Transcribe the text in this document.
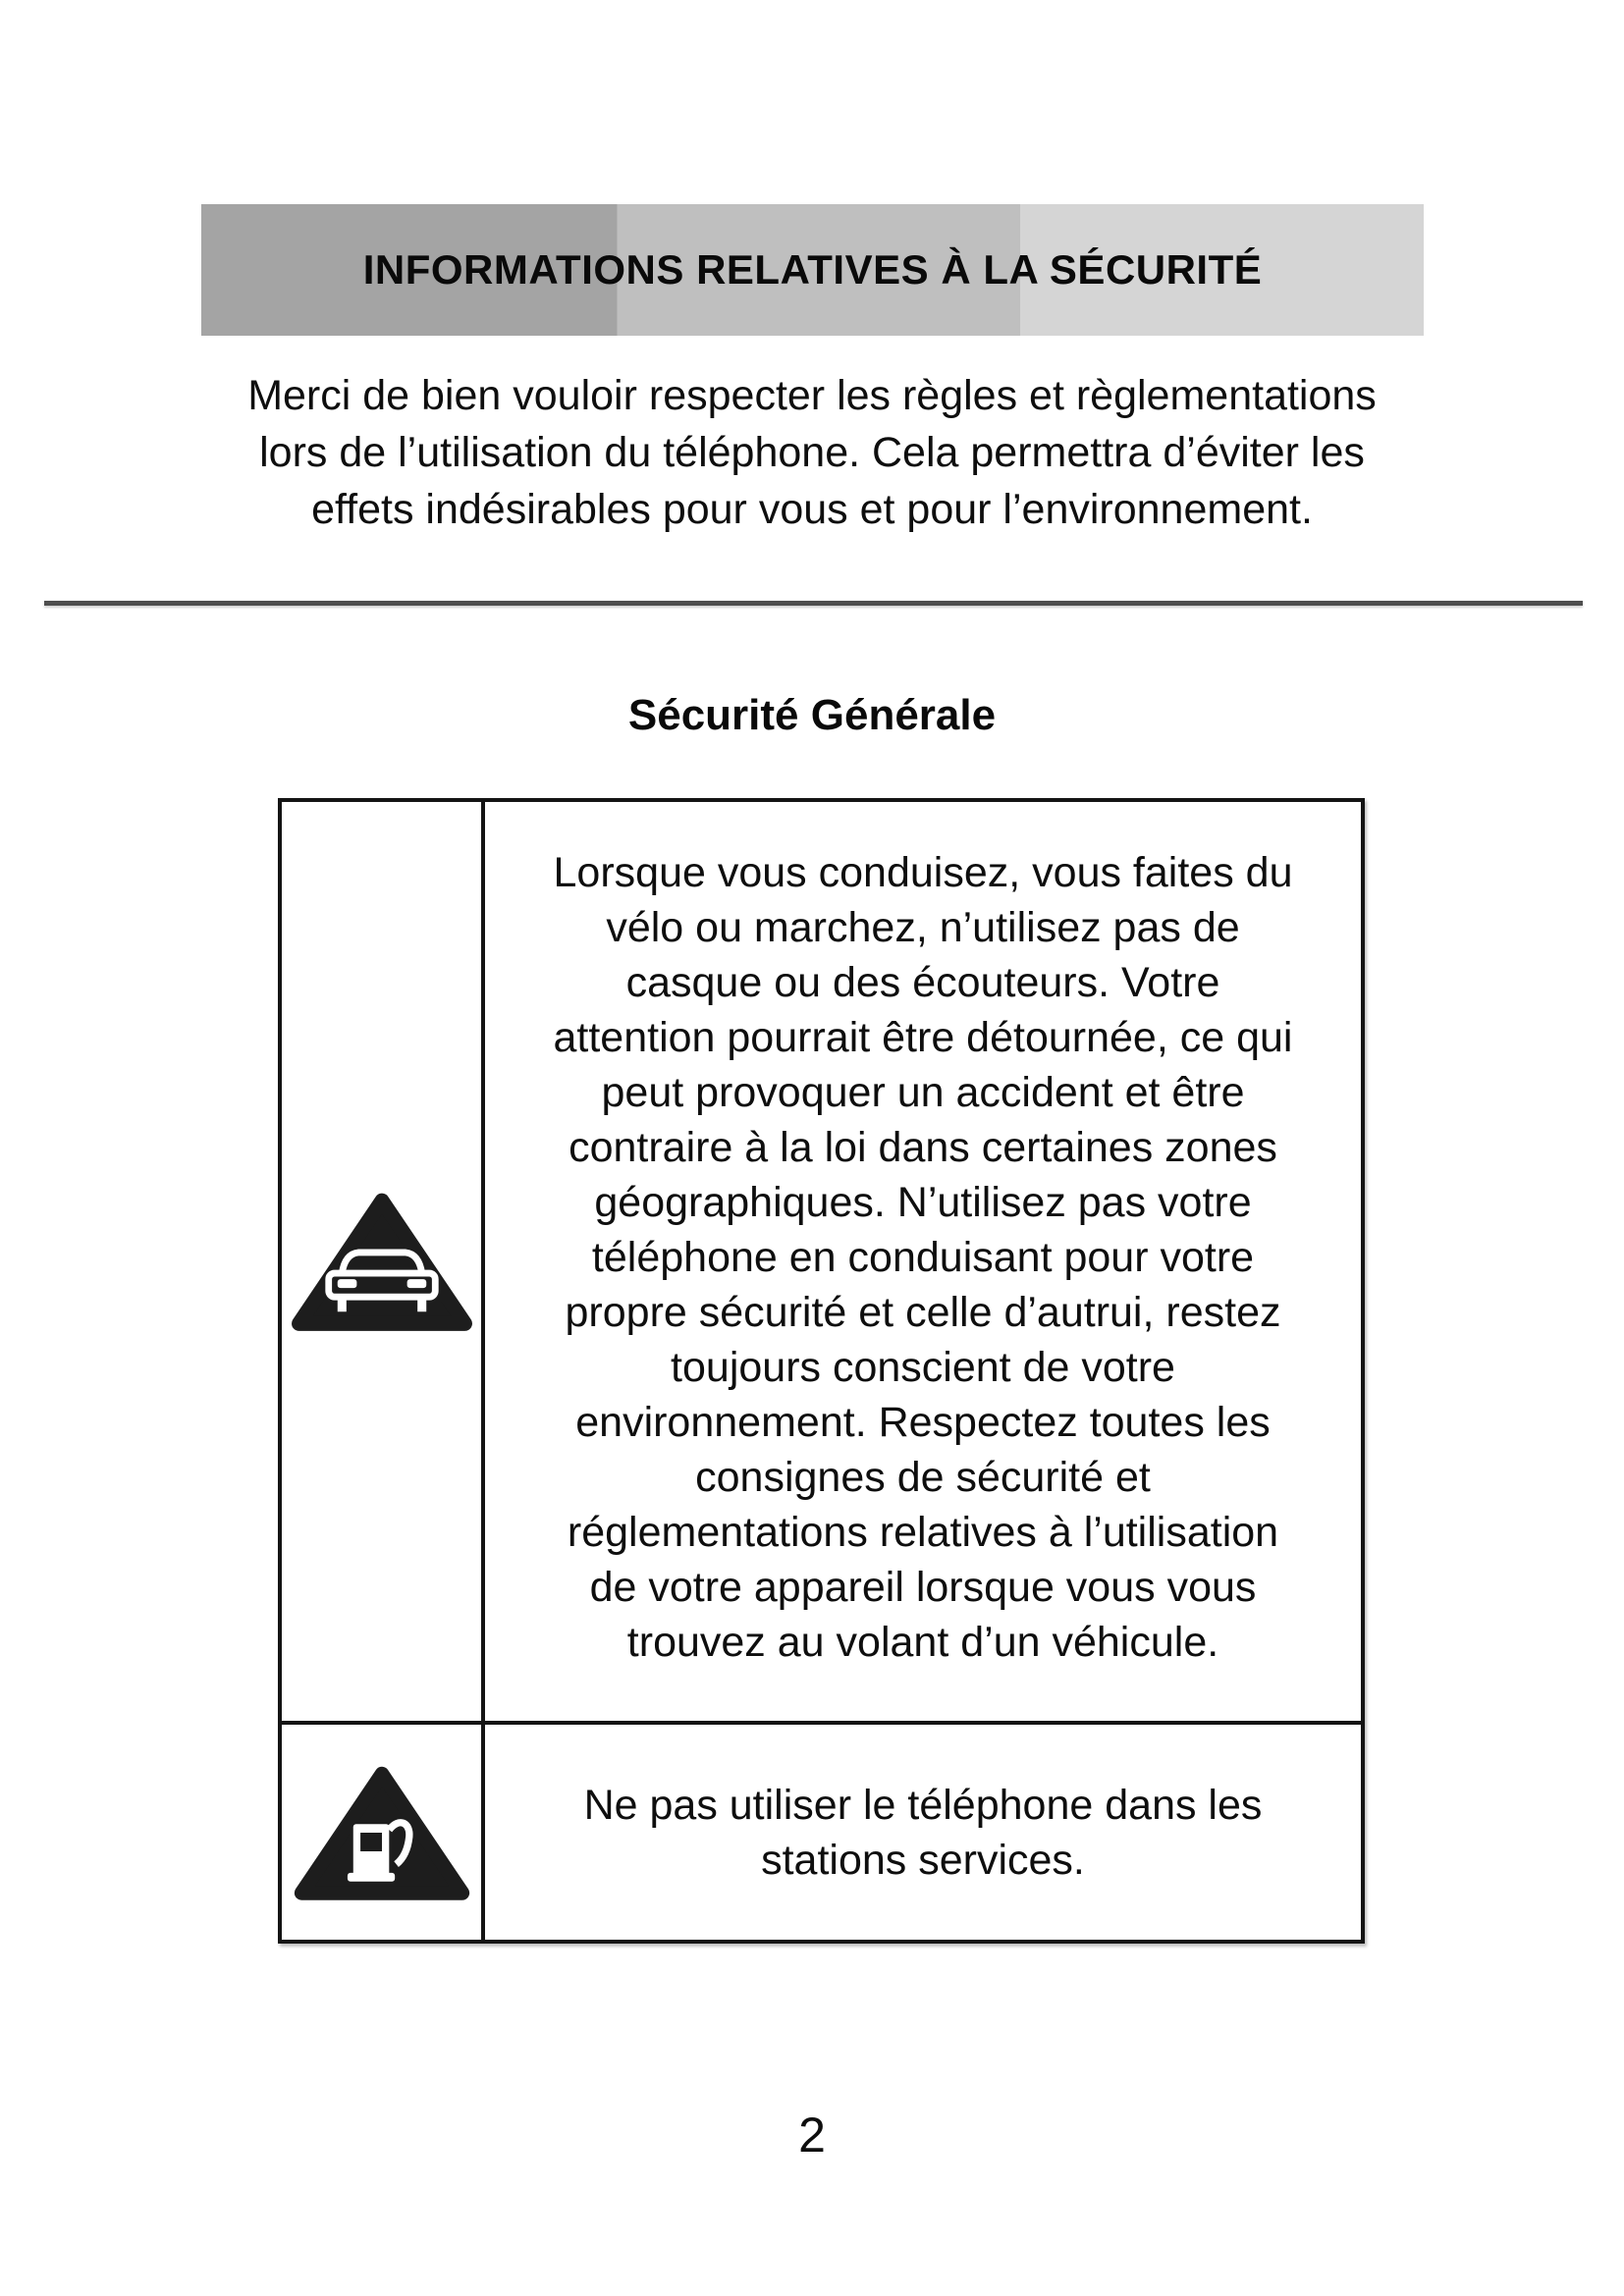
INFORMATIONS RELATIVES À LA SÉCURITÉ
Merci de bien vouloir respecter les règles et règlementations
lors de l’utilisation du téléphone. Cela permettra d’éviter les
effets indésirables pour vous et pour l’environnement.
Sécurité Générale
Lorsque vous conduisez, vous faites du
vélo ou marchez, n’utilisez pas de
casque ou des écouteurs. Votre
attention pourrait être détournée, ce qui
peut provoquer un accident et être
contraire à la loi dans certaines zones
géographiques. N’utilisez pas votre
téléphone en conduisant pour votre
propre sécurité et celle d’autrui, restez
toujours conscient de votre
environnement. Respectez toutes les
consignes de sécurité et
réglementations relatives à l’utilisation
de votre appareil lorsque vous vous
trouvez au volant d’un véhicule.
Ne pas utiliser le téléphone dans les
stations services.
2
